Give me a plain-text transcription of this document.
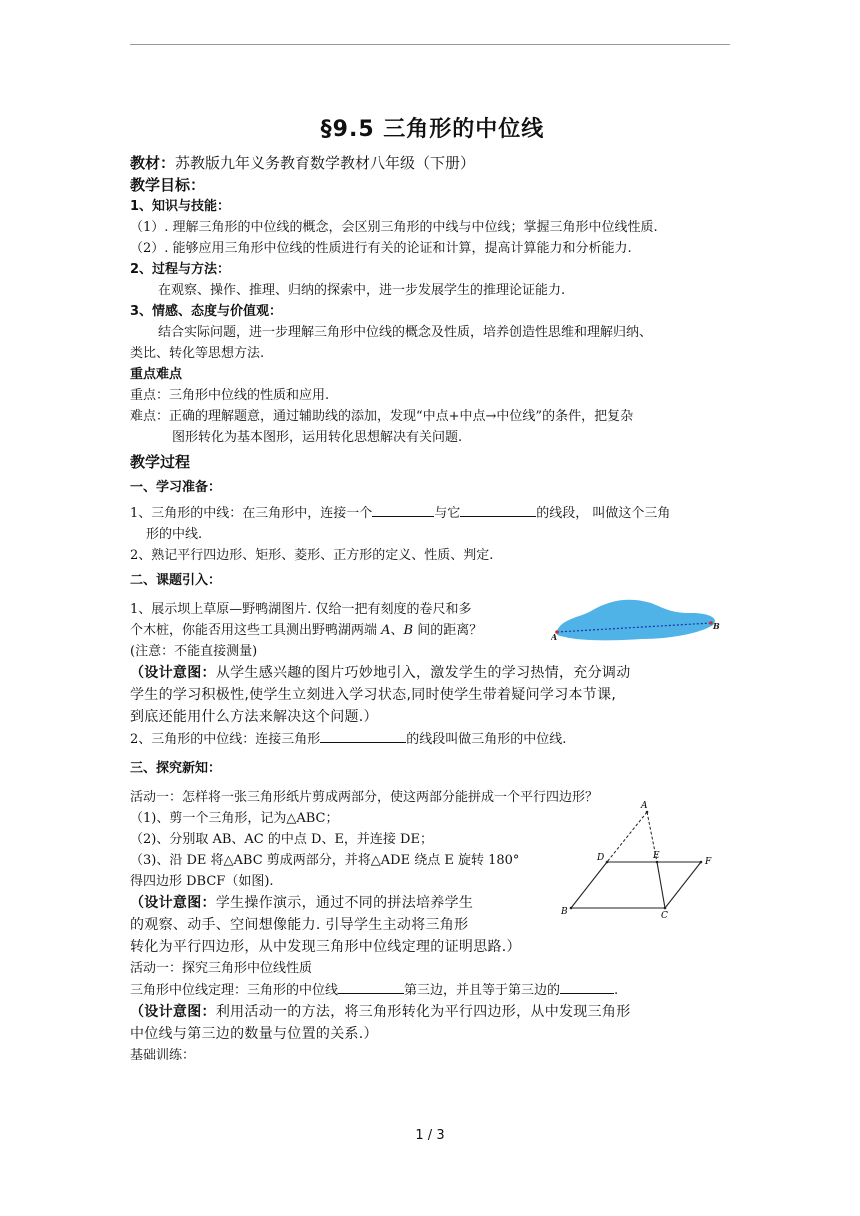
§9.5 三角形的中位线
教材：苏教版九年义务教育数学教材八年级（下册）
教学目标：
1、知识与技能：
（1）. 理解三角形的中位线的概念，会区别三角形的中线与中位线；掌握三角形中位线性质.
（2）. 能够应用三角形中位线的性质进行有关的论证和计算，提高计算能力和分析能力.
2、过程与方法：
在观察、操作、推理、归纳的探索中，进一步发展学生的推理论证能力.
3、情感、态度与价值观：
结合实际问题，进一步理解三角形中位线的概念及性质，培养创造性思维和理解归纳、
类比、转化等思想方法.
重点难点
重点：三角形中位线的性质和应用.
难点：正确的理解题意，通过辅助线的添加，发现“中点+中点→中位线”的条件，把复杂
图形转化为基本图形，运用转化思想解决有关问题.
教学过程
一、学习准备：
1、三角形的中线：在三角形中，连接一个	与它	的线段， 叫做这个三角
形的中线.
2、熟记平行四边形、矩形、菱形、正方形的定义、性质、判定.
二、课题引入：
A
B
1、展示坝上草原—野鸭湖图片. 仅给一把有刻度的卷尺和多
个木桩，你能否用这些工具测出野鸭湖两端 A、B 间的距离？
(注意：不能直接测量)
（设计意图：从学生感兴趣的图片巧妙地引入，激发学生的学习热情，充分调动
学生的学习积极性,使学生立刻进入学习状态,同时使学生带着疑问学习本节课,
到底还能用什么方法来解决这个问题.）
2、三角形的中位线：连接三角形	的线段叫做三角形的中位线.
三、探究新知：
活动一：怎样将一张三角形纸片剪成两部分，使这两部分能拼成一个平行四边形？
A
D	E
F
B	C
（1)、剪一个三角形，记为△ABC；
（2)、分别取 AB、AC 的中点 D、E，并连接 DE；
（3)、沿 DE 将△ABC 剪成两部分，并将△ADE 绕点 E 旋转 180°
得四边形 DBCF（如图).
（设计意图：学生操作演示，通过不同的拼法培养学生
的观察、动手、空间想像能力. 引导学生主动将三角形
转化为平行四边形，从中发现三角形中位线定理的证明思路.）
活动一：探究三角形中位线性质
三角形中位线定理：三角形的中位线	第三边，并且等于第三边的	.
（设计意图：利用活动一的方法，将三角形转化为平行四边形，从中发现三角形
中位线与第三边的数量与位置的关系.）
基础训练：
1 / 3
